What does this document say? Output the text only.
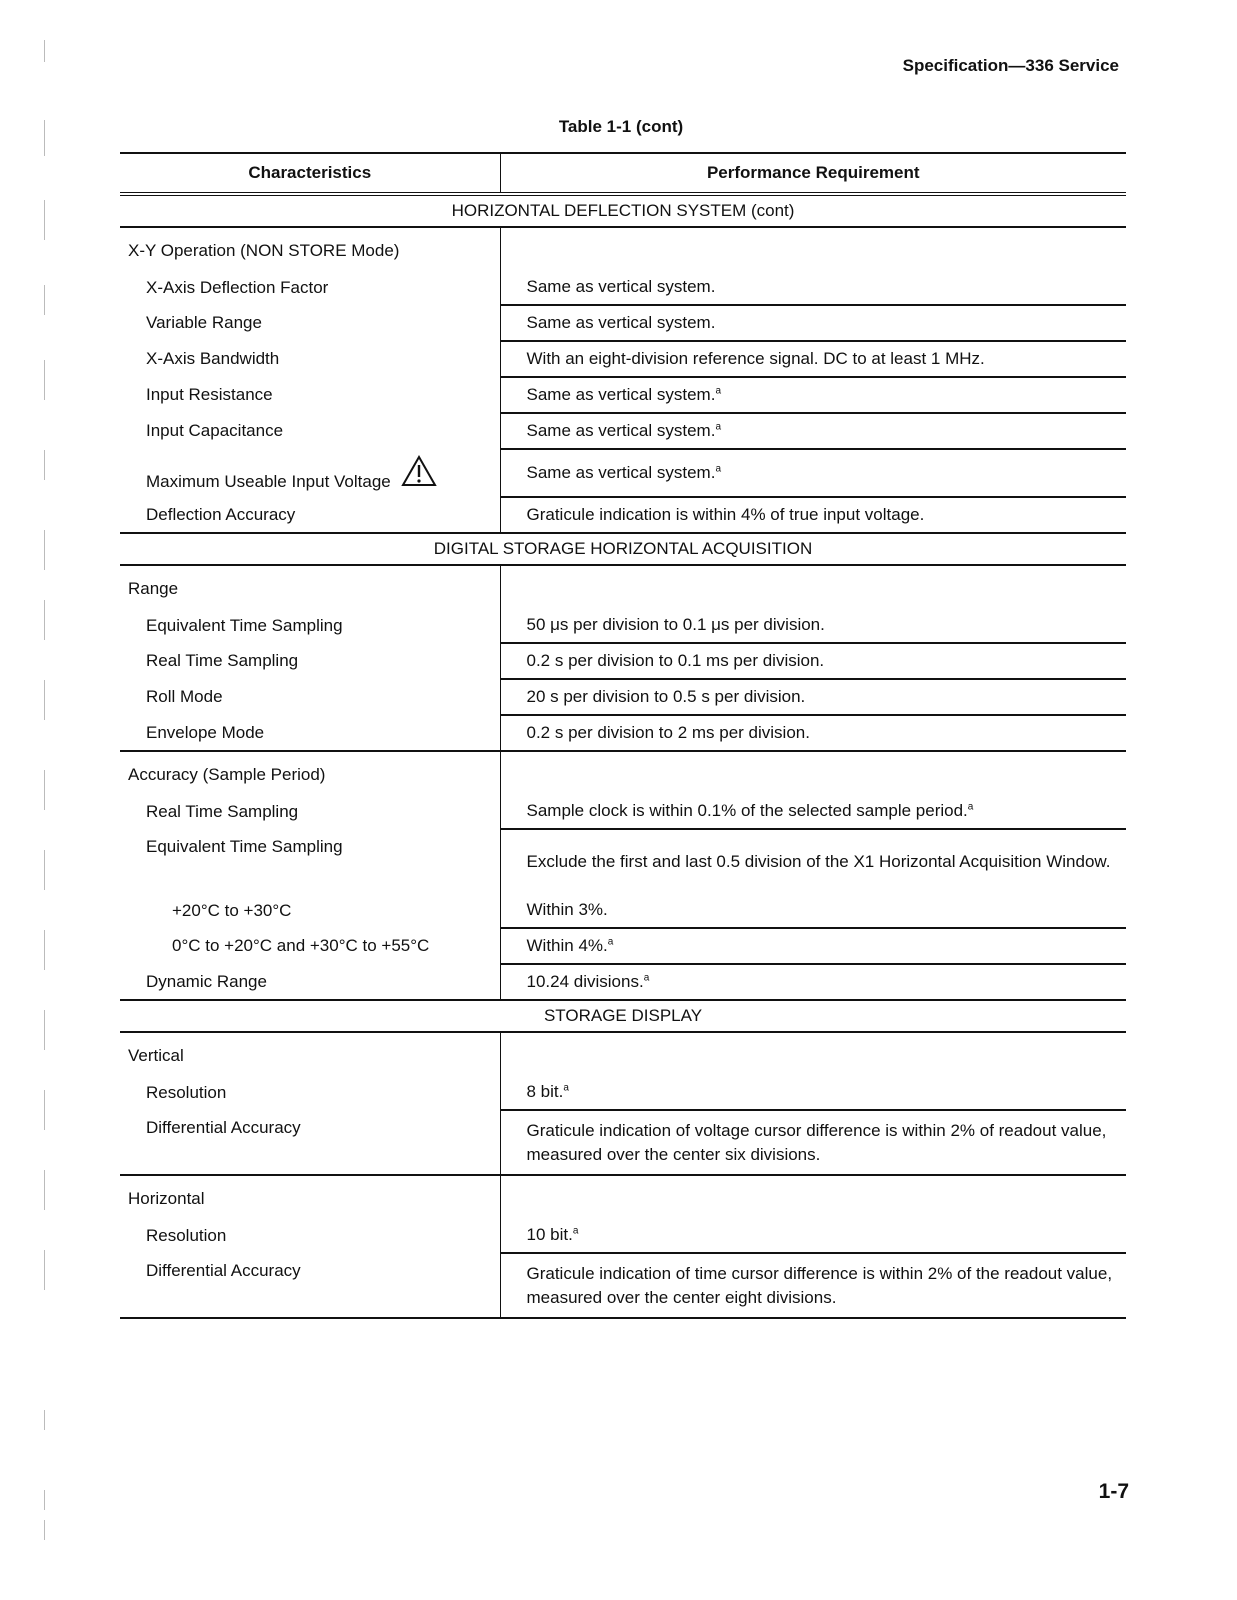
Specification—336 Service
Table 1-1 (cont)
Characteristics	Performance Requirement
HORIZONTAL DEFLECTION SYSTEM (cont)	
X-Y Operation (NON STORE Mode)	
X-Axis Deflection Factor	Same as vertical system.
Variable Range	Same as vertical system.
X-Axis Bandwidth	With an eight-division reference signal. DC to at least 1 MHz.
Input Resistance	Same as vertical system.$^a$
Input Capacitance	Same as vertical system.$^a$
Maximum Useable Input Voltage	Same as vertical system.$^a$
Deflection Accuracy	Graticule indication is within 4% of true input voltage.
DIGITAL STORAGE HORIZONTAL ACQUISITION	
Range	
Equivalent Time Sampling	50 μs per division to 0.1 μs per division.
Real Time Sampling	0.2 s per division to 0.1 ms per division.
Roll Mode	20 s per division to 0.5 s per division.
Envelope Mode	0.2 s per division to 2 ms per division.
Accuracy (Sample Period)	
Real Time Sampling	Sample clock is within 0.1% of the selected sample period.$^a$
Equivalent Time Sampling	Exclude the first and last 0.5 division of the X1 Horizontal Acquisition Window.
+20°C to +30°C	Within 3%.
0°C to +20°C and +30°C to +55°C	Within 4%.$^a$
Dynamic Range	10.24 divisions.$^a$
STORAGE DISPLAY	
Vertical	
Resolution	8 bit.$^a$
Differential Accuracy	Graticule indication of voltage cursor difference is within 2% of readout value, measured over the center six divisions.
Horizontal	
Resolution	10 bit.$^a$
Differential Accuracy	Graticule indication of time cursor difference is within 2% of the readout value, measured over the center eight divisions.
1-7
